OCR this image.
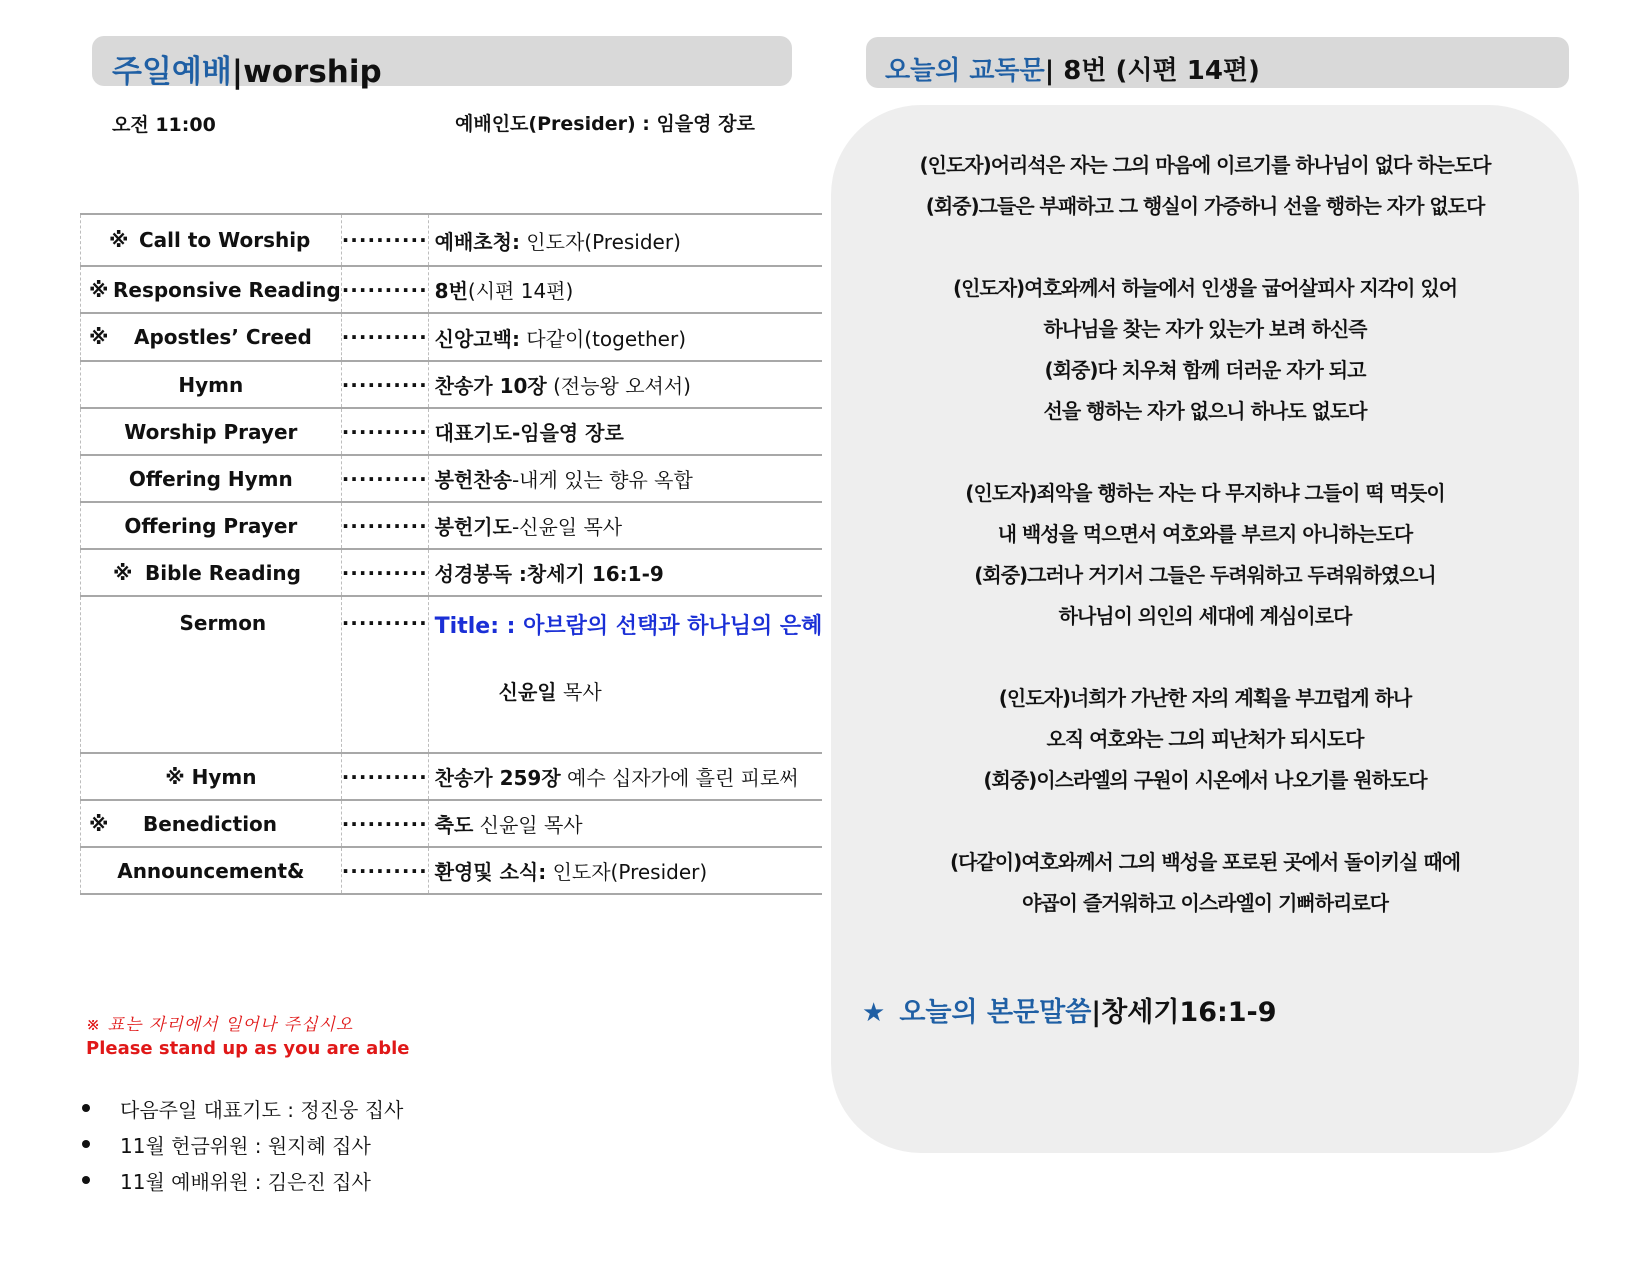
주일예배|worship
오전 11:00	예배인도(Presider) : 임을영 장로
※ Call to Worship	··········	예배초청: 인도자(Presider)
※ Responsive Reading	··········	8번(시편 14편)
※ Apostles’ Creed	··········	신앙고백: 다같이(together)

Hymn	··········	찬송가 10장 (전능왕 오셔서)

Worship Prayer	··········	대표기도-임을영 장로

Offering Hymn	··········	봉헌찬송-내게 있는 향유 옥합

Offering Prayer	··········	봉헌기도-신윤일 목사
※ Bible Reading	··········	성경봉독 :창세기 16:1-9

Sermon	··········	Title: : 아브람의 선택과 하나님의 은혜
신윤일 목사

※ Hymn	··········	찬송가 259장 예수 십자가에 흘린 피로써
※ Benediction	··········	축도 신윤일 목사

Announcement&	··········	환영및 소식: 인도자(Presider)
※ 표는 자리에서 일어나 주십시오
Please stand up as you are able
다음주일 대표기도 : 정진웅 집사
11월 헌금위원 : 원지혜 집사
11월 예배위원 : 김은진 집사
오늘의 교독문| 8번 (시편 14편)
(인도자)어리석은 자는 그의 마음에 이르기를 하나님이 없다 하는도다
(회중)그들은 부패하고 그 행실이 가증하니 선을 행하는 자가 없도다
(인도자)여호와께서 하늘에서 인생을 굽어살피사 지각이 있어
하나님을 찾는 자가 있는가 보려 하신즉
(회중)다 치우쳐 함께 더러운 자가 되고
선을 행하는 자가 없으니 하나도 없도다
(인도자)죄악을 행하는 자는 다 무지하냐 그들이 떡 먹듯이
내 백성을 먹으면서 여호와를 부르지 아니하는도다
(회중)그러나 거기서 그들은 두려워하고 두려워하였으니
하나님이 의인의 세대에 계심이로다
(인도자)너희가 가난한 자의 계획을 부끄럽게 하나
오직 여호와는 그의 피난처가 되시도다
(회중)이스라엘의 구원이 시온에서 나오기를 원하도다
(다같이)여호와께서 그의 백성을 포로된 곳에서 돌이키실 때에
야곱이 즐거워하고 이스라엘이 기뻐하리로다
★ 오늘의 본문말씀|창세기16:1-9
